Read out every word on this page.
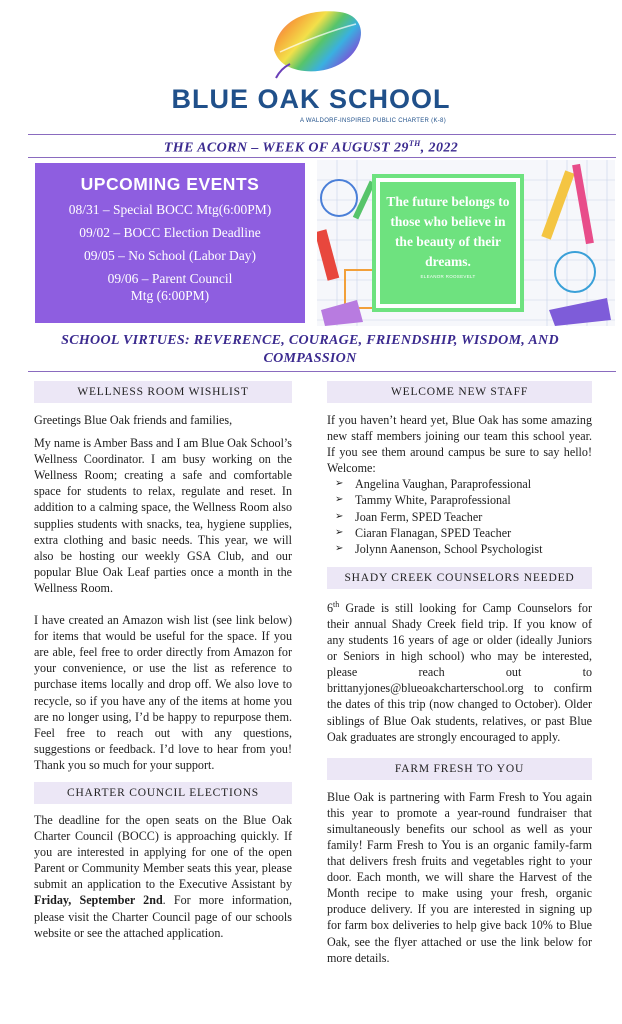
BLUE OAK SCHOOL
A WALDORF-INSPIRED PUBLIC CHARTER (K-8)
THE ACORN – WEEK OF AUGUST 29TH, 2022
UPCOMING EVENTS
08/31 – Special BOCC Mtg(6:00PM)
09/02 – BOCC Election Deadline
09/05 – No School (Labor Day)
09/06 – Parent Council Mtg (6:00PM)
The future belongs to those who believe in the beauty of their dreams.
ELEANOR ROOSEVELT
SCHOOL VIRTUES: REVERENCE, COURAGE, FRIENDSHIP, WISDOM, AND COMPASSION
WELLNESS ROOM WISHLIST

Greetings Blue Oak friends and families,

My name is Amber Bass and I am Blue Oak School’s Wellness Coordinator. I am busy working on the Wellness Room; creating a safe and comfortable space for students to relax, regulate and reset. In addition to a calming space, the Wellness Room also supplies students with snacks, tea, hygiene supplies, extra clothing and basic needs. This year, we will also be hosting our weekly GSA Club, and our popular Blue Oak Leaf parties once a month in the Wellness Room.

I have created an Amazon wish list (see link below) for items that would be useful for the space. If you are able, feel free to order directly from Amazon for your convenience, or use the list as reference to purchase items locally and drop off. We also love to recycle, so if you have any of the items at home you are no longer using, I’d be happy to repurpose them. Feel free to reach out with any questions, suggestions or feedback. I’d love to hear from you! Thank you so much for your support.

CHARTER COUNCIL ELECTIONS

The deadline for the open seats on the Blue Oak Charter Council (BOCC) is approaching quickly. If you are interested in applying for one of the open Parent or Community Member seats this year, please submit an application to the Executive Assistant by Friday, September 2nd. For more information, please visit the Charter Council page of our schools website or see the attached application.

WELCOME NEW STAFF

If you haven’t heard yet, Blue Oak has some amazing new staff members joining our team this school year. If you see them around campus be sure to say hello! Welcome:

➢ Angelina Vaughan, Paraprofessional
➢ Tammy White, Paraprofessional
➢ Joan Ferm, SPED Teacher
➢ Ciaran Flanagan, SPED Teacher
➢ Jolynn Aanenson, School Psychologist
SHADY CREEK COUNSELORS NEEDED

6th Grade is still looking for Camp Counselors for their annual Shady Creek field trip. If you know of any students 16 years of age or older (ideally Juniors or Seniors in high school) who may be interested, please reach out to brittanyjones@blueoakcharterschool.org to confirm the dates of this trip (now changed to October). Older siblings of Blue Oak students, relatives, or past Blue Oak graduates are strongly encouraged to apply.

FARM FRESH TO YOU

Blue Oak is partnering with Farm Fresh to You again this year to promote a year-round fundraiser that simultaneously benefits our school as well as your family! Farm Fresh to You is an organic family-farm that delivers fresh fruits and vegetables right to your door. Each month, we will share the Harvest of the Month recipe to make using your fresh, organic produce delivery. If you are interested in signing up for farm box deliveries to help give back 10% to Blue Oak, see the flyer attached or use the link below for more details.
